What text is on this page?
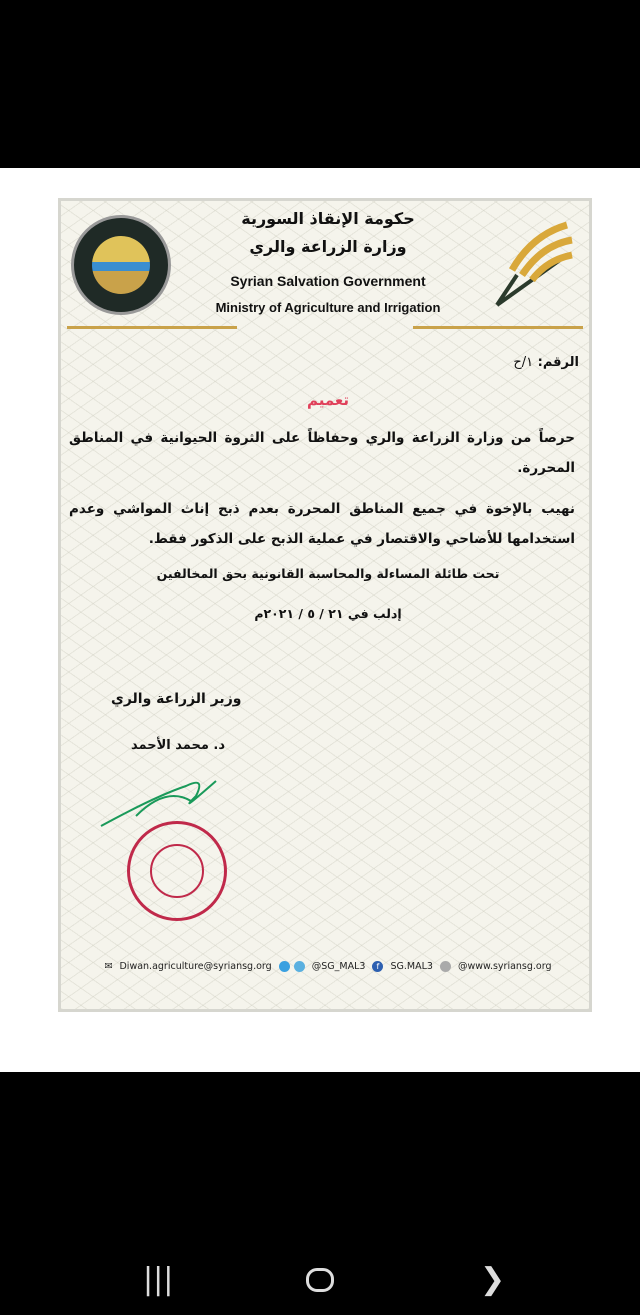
حكومة الإنقاذ السورية
وزارة الزراعة والري
Syrian Salvation Government
Ministry of Agriculture and Irrigation
الرقم: ١/ح
تعميم
حرصاً من وزارة الزراعة والري وحفاظاً على الثروة الحيوانية في المناطق المحررة.
نهيب بالإخوة في جميع المناطق المحررة بعدم ذبح إناث المواشي وعدم استخدامها للأضاحي والاقتصار في عملية الذبح على الذكور فقط.
تحت طائلة المساءلة والمحاسبة القانونية بحق المخالفين
إدلب في ٢١ / ٥ / ٢٠٢١م
وزير الزراعة والري
د. محمد الأحمد
✉ Diwan.agriculture@syriansg.org	@SG_MAL3 f SG.MAL3	@www.syriansg.org
|||	❯
